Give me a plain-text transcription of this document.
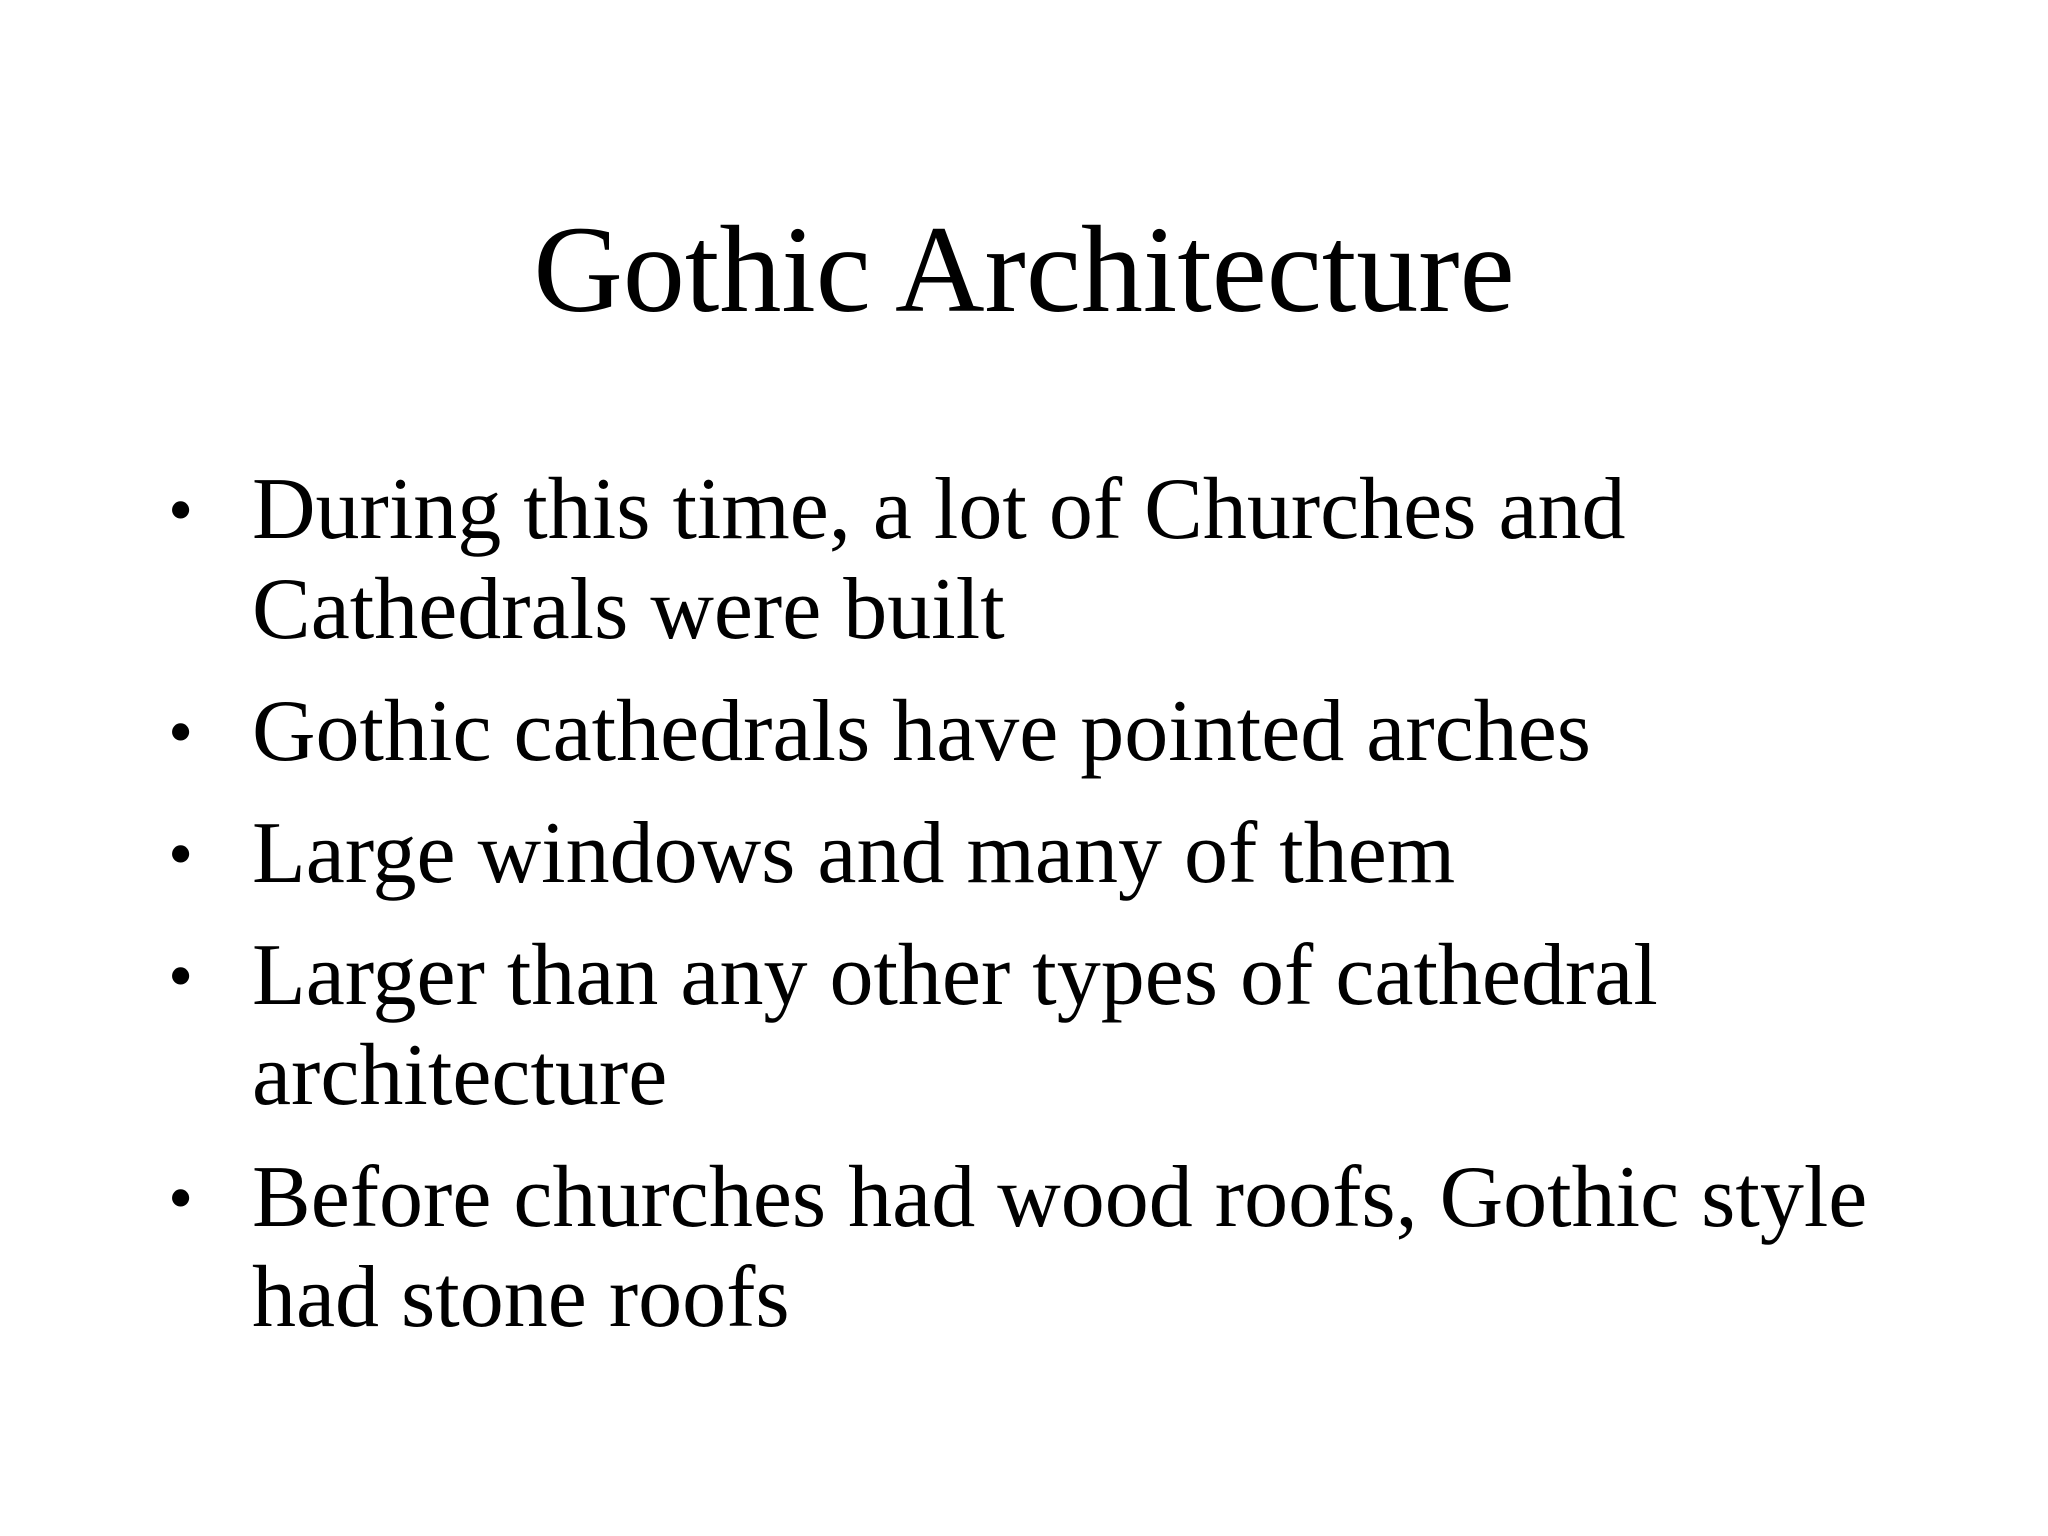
Gothic Architecture
• During this time, a lot of Churches and Cathedrals were built
• Gothic cathedrals have pointed arches
• Large windows and many of them
• Larger than any other types of cathedral architecture
• Before churches had wood roofs, Gothic style had stone roofs
